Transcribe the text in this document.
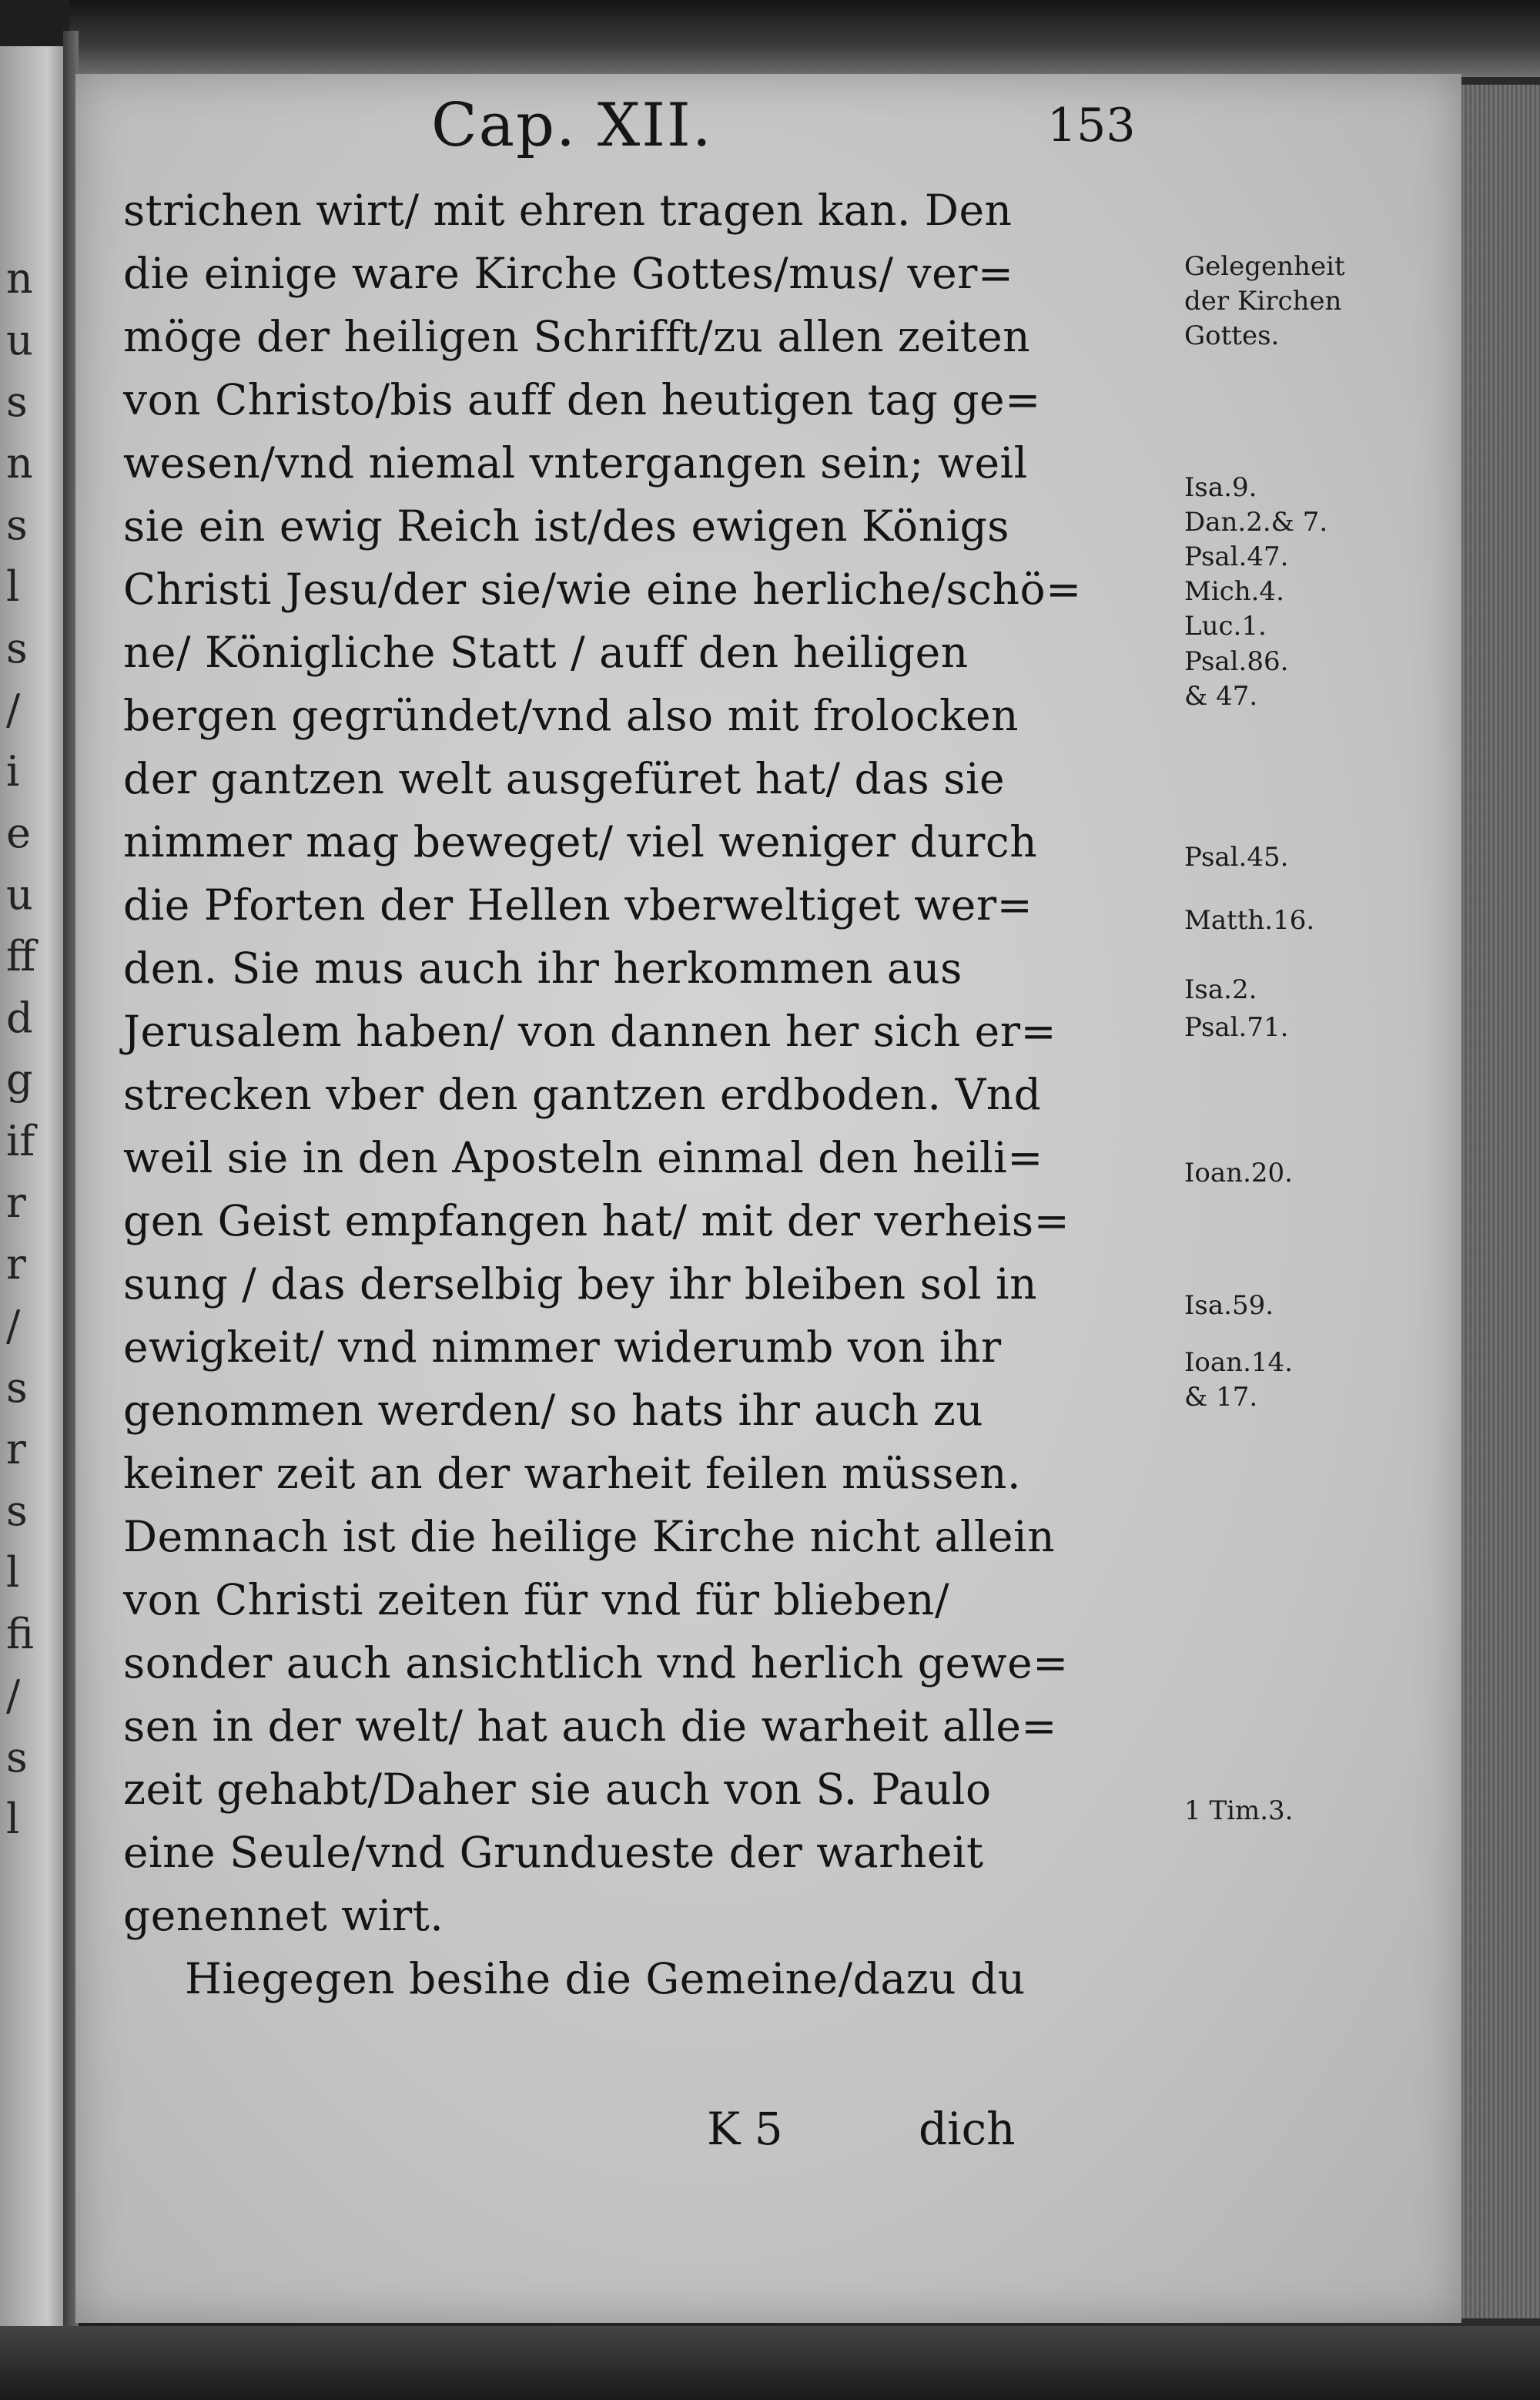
n
u
s
n
s
l
s
/
i
e
u
ff
d
g
if
r
r
/
s
r
s
l
fi
/
s
l
Cap. XII.	153
Gelegenheit
der Kirchen
Gottes.
Isa.9.
Dan.2.& 7.
Psal.47.
Mich.4.
Luc.1.
Psal.86.
& 47.
Psal.45.
Matth.16.
Isa.2.
Psal.71.
Ioan.20.
Isa.59.
Ioan.14.
& 17.
1 Tim.3.
strichen wirt/ mit ehren tragen kan. Den
die einige ware Kirche Gottes/mus/ ver=
möge der heiligen Schrifft/zu allen zeiten
von Christo/bis auff den heutigen tag ge=
wesen/vnd niemal vntergangen sein; weil
sie ein ewig Reich ist/des ewigen Königs
Christi Jesu/der sie/wie eine herliche/schö=
ne/ Königliche Statt / auff den heiligen
bergen gegründet/vnd also mit frolocken
der gantzen welt ausgefüret hat/ das sie
nimmer mag beweget/ viel weniger durch
die Pforten der Hellen vberweltiget wer=
den. Sie mus auch ihr herkommen aus
Jerusalem haben/ von dannen her sich er=
strecken vber den gantzen erdboden. Vnd
weil sie in den Aposteln einmal den heili=
gen Geist empfangen hat/ mit der verheis=
sung / das derselbig bey ihr bleiben sol in
ewigkeit/ vnd nimmer widerumb von ihr
genommen werden/ so hats ihr auch zu
keiner zeit an der warheit feilen müssen.
Demnach ist die heilige Kirche nicht allein
von Christi zeiten für vnd für blieben/
sonder auch ansichtlich vnd herlich gewe=
sen in der welt/ hat auch die warheit alle=
zeit gehabt/Daher sie auch von S. Paulo
eine Seule/vnd Grundueste der warheit
genennet wirt.
Hiegegen besihe die Gemeine/dazu du
K 5	dich
